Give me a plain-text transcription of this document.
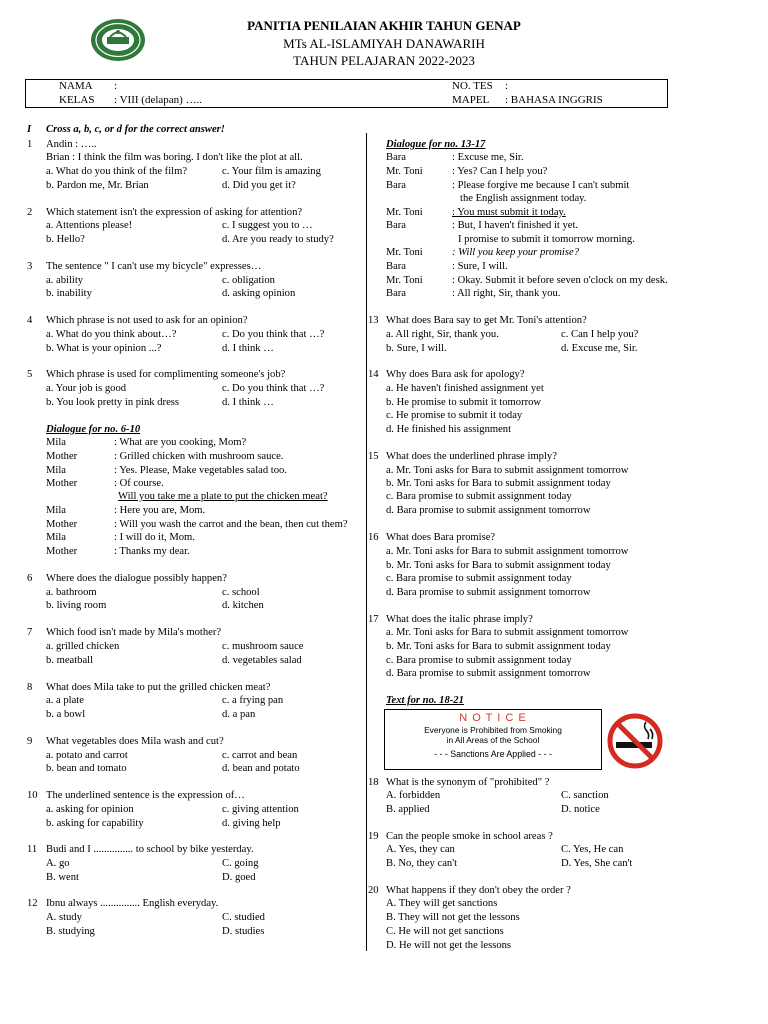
PANITIA PENILAIAN AKHIR TAHUN GENAP
MTs AL-ISLAMIYAH DANAWARIH
TAHUN PELAJARAN 2022-2023
NAMA :
KELAS : VIII (delapan) …..
NO. TES :
MAPEL : BAHASA INGGRIS
I Cross a, b, c, or d for the correct answer!
1 Andin : …..
Brian : I think the film was boring. I don't like the plot at all.
a. What do you think of the film?	c. Your film is amazing
b. Pardon me, Mr. Brian	d. Did you get it?
2 Which statement isn't the expression of asking for attention?
a. Attentions please!	c. I suggest you to …
b. Hello?	d. Are you ready to study?
3 The sentence " I can't use my bicycle" expresses…
a. ability	c. obligation
b. inability	d. asking opinion
4 Which phrase is not used to ask for an opinion?
a. What do you think about…?	c. Do you think that …?
b. What is your opinion ...?	d. I think …
5 Which phrase is used for complimenting someone's job?
a. Your job is good	c. Do you think that …?
b. You look pretty in pink dress	d. I think …
Dialogue for no. 6-10
Mila	: What are you cooking, Mom?
Mother	: Grilled chicken with mushroom sauce.
Mila	: Yes. Please, Make vegetables salad too.
Mother	: Of course.
Will you take me a plate to put the chicken meat?
Mila	: Here you are, Mom.
Mother	: Will you wash the carrot and the bean, then cut them?
Mila	: I will do it, Mom.
Mother	: Thanks my dear.
6 Where does the dialogue possibly happen?
a. bathroom	c. school
b. living room	d. kitchen
7 Which food isn't made by Mila's mother?
a. grilled chicken	c. mushroom sauce
b. meatball	d. vegetables salad
8 What does Mila take to put the grilled chicken meat?
a. a plate	c. a frying pan
b. a bowl	d. a pan
9 What vegetables does Mila wash and cut?
a. potato and carrot	c. carrot and bean
b. bean and tomato	d. bean and potato
10 The underlined sentence is the expression of…
a. asking for opinion	c. giving attention
b. asking for capability	d. giving help
11 Budi and I ............... to school by bike yesterday.
A. go	C. going
B. went	D. goed
12 Ibnu always ............... English everyday.
A. study	C. studied
B. studying	D. studies
Dialogue for no. 13-17
Bara	: Excuse me, Sir.
Mr. Toni	: Yes? Can I help you?
Bara	: Please forgive me because I can't submit
the English assignment today.
Mr. Toni	: You must submit it today.
Bara	: But, I haven't finished it yet.
I promise to submit it tomorrow morning.
Mr. Toni	: Will you keep your promise?
Bara	: Sure, I will.
Mr. Toni	: Okay. Submit it before seven o'clock on my desk.
Bara	: All right, Sir, thank you.
13 What does Bara say to get Mr. Toni's attention?
a. All right, Sir, thank you.	c. Can I help you?
b. Sure, I will.	d. Excuse me, Sir.
14 Why does Bara ask for apology?
a. He haven't finished assignment yet
b. He promise to submit it tomorrow
c. He promise to submit it today
d. He finished his assignment
15 What does the underlined phrase imply?
a. Mr. Toni asks for Bara to submit assignment tomorrow
b. Mr. Toni asks for Bara to submit assignment today
c. Bara promise to submit assignment today
d. Bara promise to submit assignment tomorrow
16 What does Bara promise?
a. Mr. Toni asks for Bara to submit assignment tomorrow
b. Mr. Toni asks for Bara to submit assignment today
c. Bara promise to submit assignment today
d. Bara promise to submit assignment tomorrow
17 What does the italic phrase imply?
a. Mr. Toni asks for Bara to submit assignment tomorrow
b. Mr. Toni asks for Bara to submit assignment today
c. Bara promise to submit assignment today
d. Bara promise to submit assignment tomorrow
Text for no. 18-21
N O T I C E
Everyone is Prohibited from Smoking
in All Areas of the School
- - - Sanctions Are Applied - - -
18 What is the synonym of "prohibited" ?
A. forbidden	C. sanction
B. applied	D. notice
19 Can the people smoke in school areas ?
A. Yes, they can	C. Yes, He can
B. No, they can't	D. Yes, She can't
20 What happens if they don't obey the order ?
A. They will get sanctions
B. They will not get the lessons
C. He will not get sanctions
D. He will not get the lessons
